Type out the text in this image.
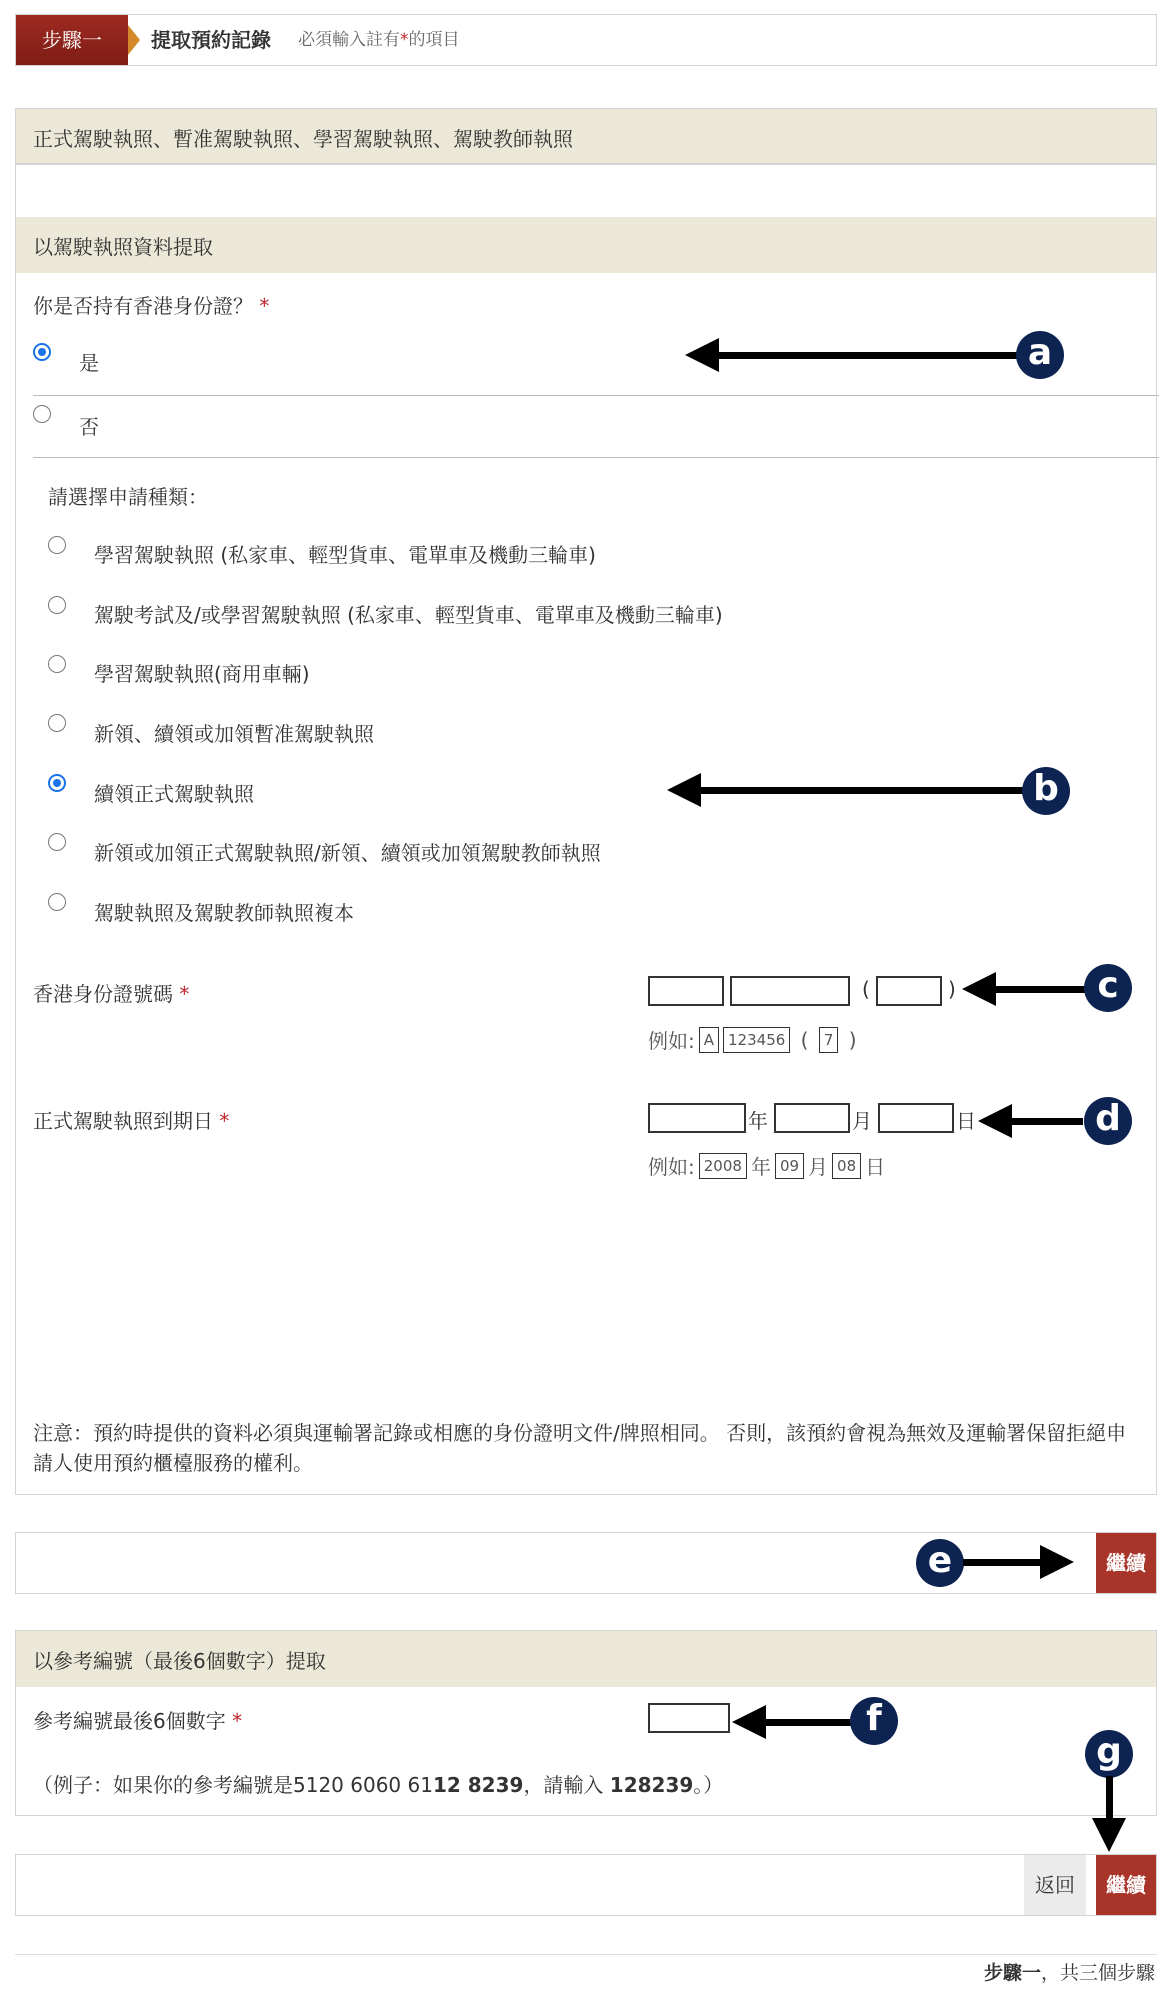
步驟一	提取預約記錄 必須輸入註有*的項目
正式駕駛執照、暫准駕駛執照、學習駕駛執照、駕駛教師執照
以駕駛執照資料提取
你是否持有香港身份證？ *
是
否
請選擇申請種類：
學習駕駛執照 (私家車、輕型貨車、電單車及機動三輪車)
駕駛考試及/或學習駕駛執照 (私家車、輕型貨車、電單車及機動三輪車)
學習駕駛執照(商用車輛)
新領、續領或加領暫准駕駛執照
續領正式駕駛執照
新領或加領正式駕駛執照/新領、續領或加領駕駛教師執照
駕駛執照及駕駛教師執照複本
香港身份證號碼 *	(	)
例如: A 123456 ( 7 )
正式駕駛執照到期日 *	年	月	日
例如: 2008 年 09 月 08 日
注意：預約時提供的資料必須與運輸署記錄或相應的身份證明文件/牌照相同。 否則，該預約會視為無效及運輸署保留拒絕申請人使用預約櫃檯服務的權利。
繼續
以參考編號（最後6個數字）提取
參考編號最後6個數字 *
（例子：如果你的參考編號是5120 6060 6112 8239，請輸入 128239。）
返回	繼續
步驟一，共三個步驟
a
b
c
d
e
f
g
